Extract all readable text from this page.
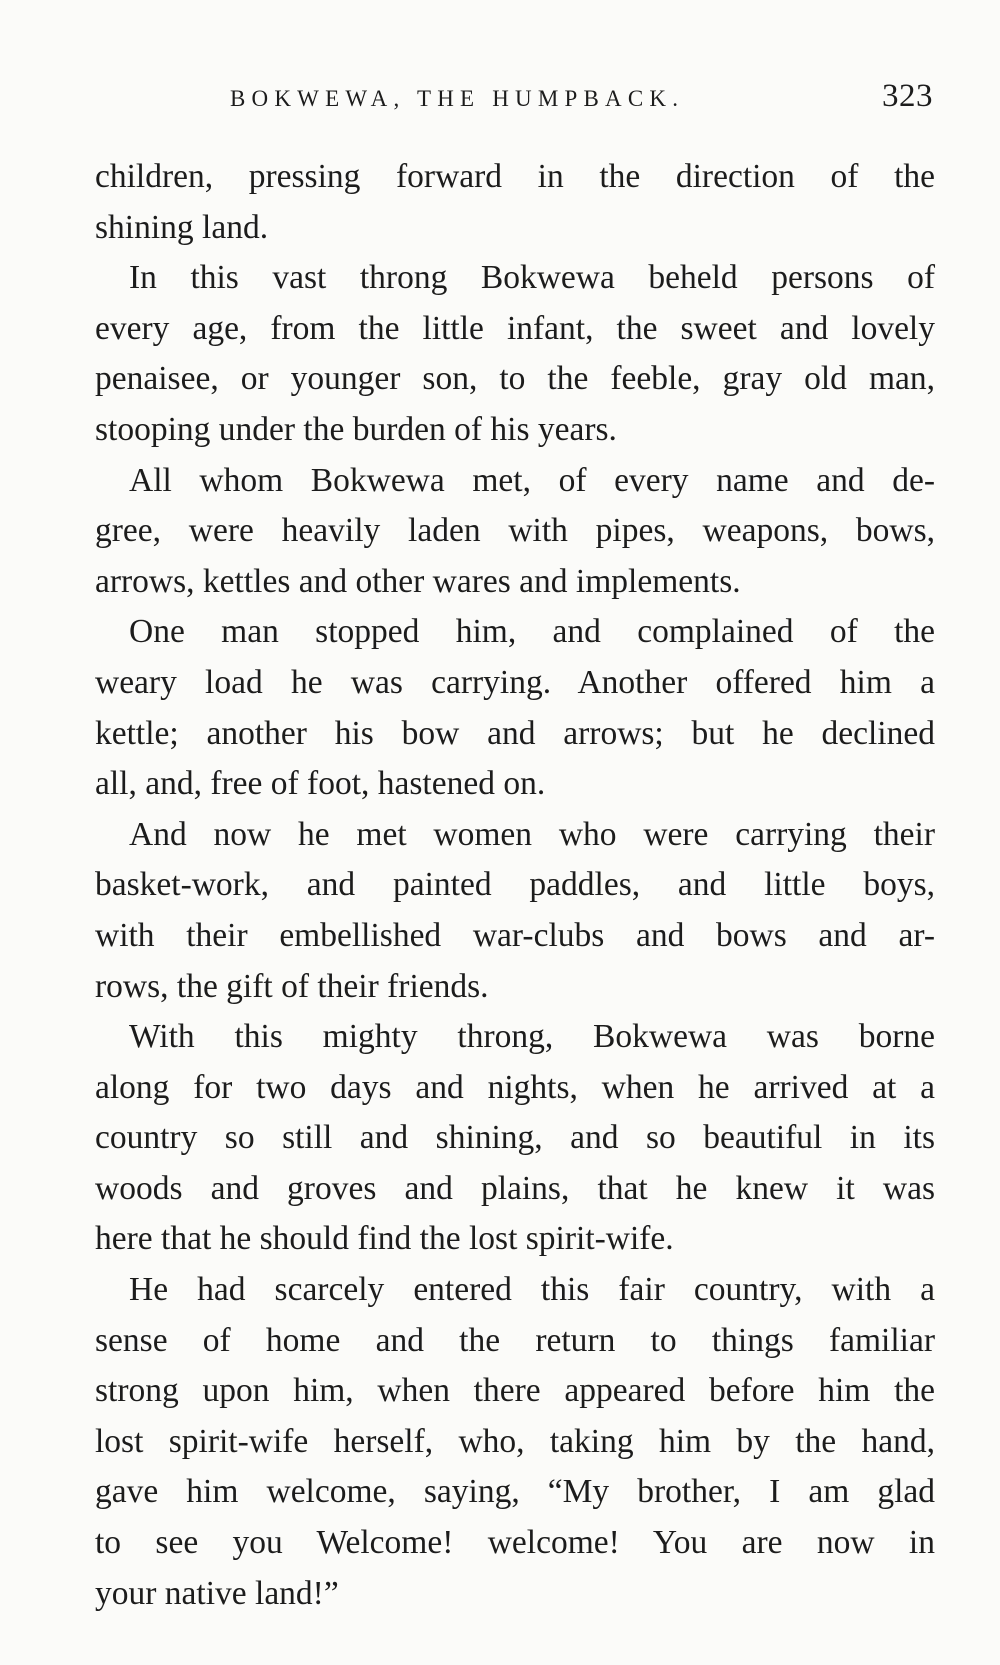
BOKWEWA, THE HUMPBACK.	323
children, pressing forward in the direction of the
shining land.
In this vast throng Bokwewa beheld persons of
every age, from the little infant, the sweet and lovely
penaisee, or younger son, to the feeble, gray old man,
stooping under the burden of his years.
All whom Bokwewa met, of every name and de-
gree, were heavily laden with pipes, weapons, bows,
arrows, kettles and other wares and implements.
One man stopped him, and complained of the
weary load he was carrying. Another offered him a
kettle; another his bow and arrows; but he declined
all, and, free of foot, hastened on.
And now he met women who were carrying their
basket-work, and painted paddles, and little boys,
with their embellished war-clubs and bows and ar-
rows, the gift of their friends.
With this mighty throng, Bokwewa was borne
along for two days and nights, when he arrived at a
country so still and shining, and so beautiful in its
woods and groves and plains, that he knew it was
here that he should find the lost spirit-wife.
He had scarcely entered this fair country, with a
sense of home and the return to things familiar
strong upon him, when there appeared before him the
lost spirit-wife herself, who, taking him by the hand,
gave him welcome, saying, “My brother, I am glad
to see you Welcome! welcome! You are now in
your native land!”
